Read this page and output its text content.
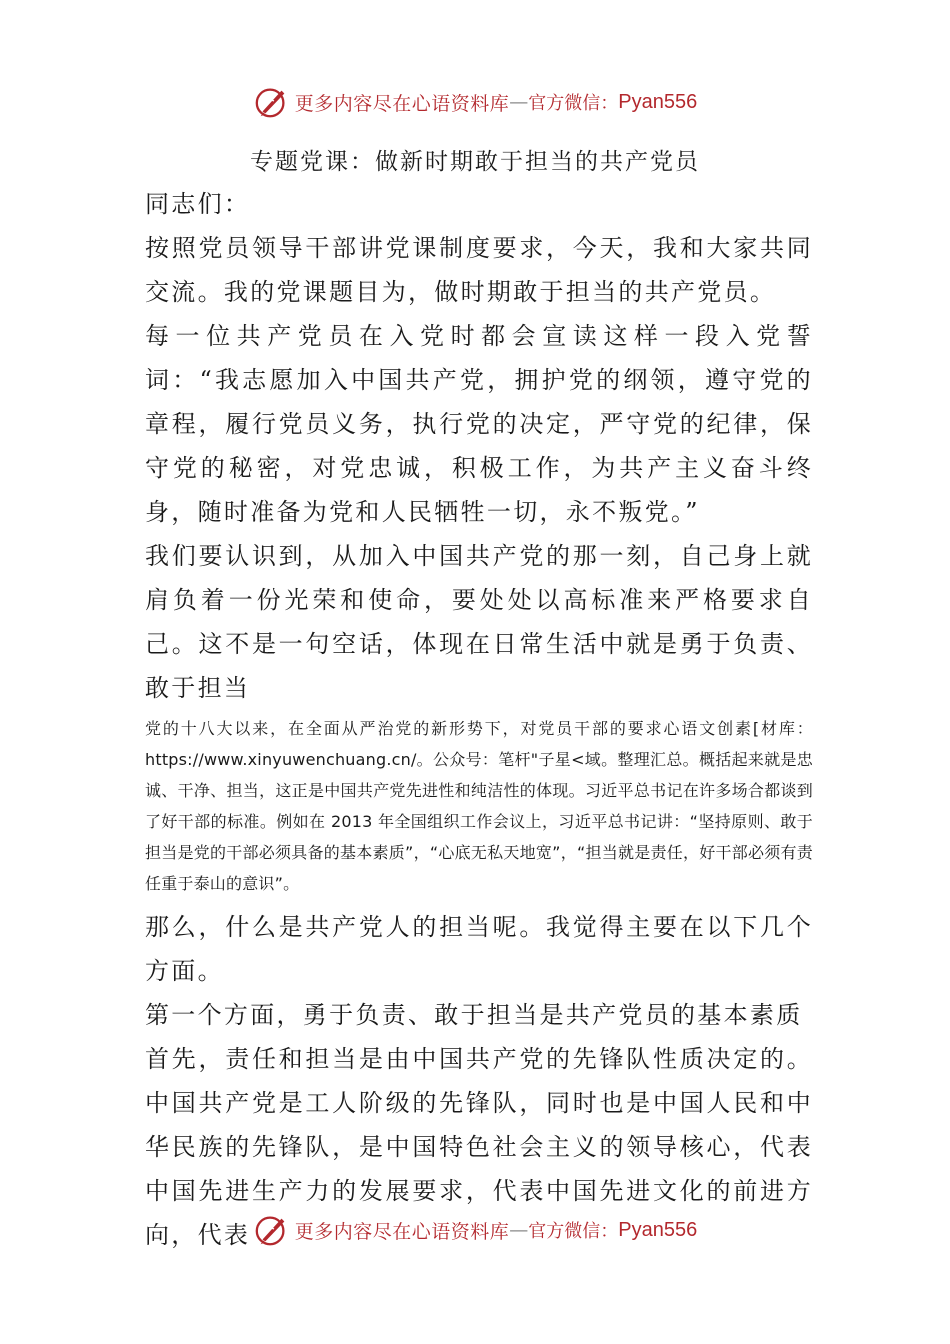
更多内容尽在心语资料库 — 官方微信： Pyan556
专题党课：做新时期敢于担当的共产党员

同志们：

按照党员领导干部讲党课制度要求，今天，我和大家共同交流。我的党课题目为，做时期敢于担当的共产党员。

每一位共产党员在入党时都会宣读这样一段入党誓词：“我志愿加入中国共产党，拥护党的纲领，遵守党的章程，履行党员义务，执行党的决定，严守党的纪律，保守党的秘密，对党忠诚，积极工作，为共产主义奋斗终身，随时准备为党和人民牺牲一切，永不叛党。”

我们要认识到，从加入中国共产党的那一刻，自己身上就肩负着一份光荣和使命，要处处以高标准来严格要求自己。这不是一句空话，体现在日常生活中就是勇于负责、敢于担当

党的十八大以来，在全面从严治党的新形势下，对党员干部的要求心语文创素[材库：https://www.xinyuwenchuang.cn/。公众号：笔杆"子星<域。整理汇总。概括起来就是忠诚、干净、担当，这正是中国共产党先进性和纯洁性的体现。习近平总书记在许多场合都谈到了好干部的标准。例如在 2013 年全国组织工作会议上，习近平总书记讲：“坚持原则、敢于担当是党的干部必须具备的基本素质”，“心底无私天地宽”，“担当就是责任，好干部必须有责任重于泰山的意识”。

那么，什么是共产党人的担当呢。我觉得主要在以下几个方面。

第一个方面，勇于负责、敢于担当是共产党员的基本素质

首先，责任和担当是由中国共产党的先锋队性质决定的。中国共产党是工人阶级的先锋队，同时也是中国人民和中华民族的先锋队，是中国特色社会主义的领导核心，代表中国先进生产力的发展要求，代表中国先进文化的前进方向，代表	更多内容尽在心语资料库 — 官方微信： Pyan556
